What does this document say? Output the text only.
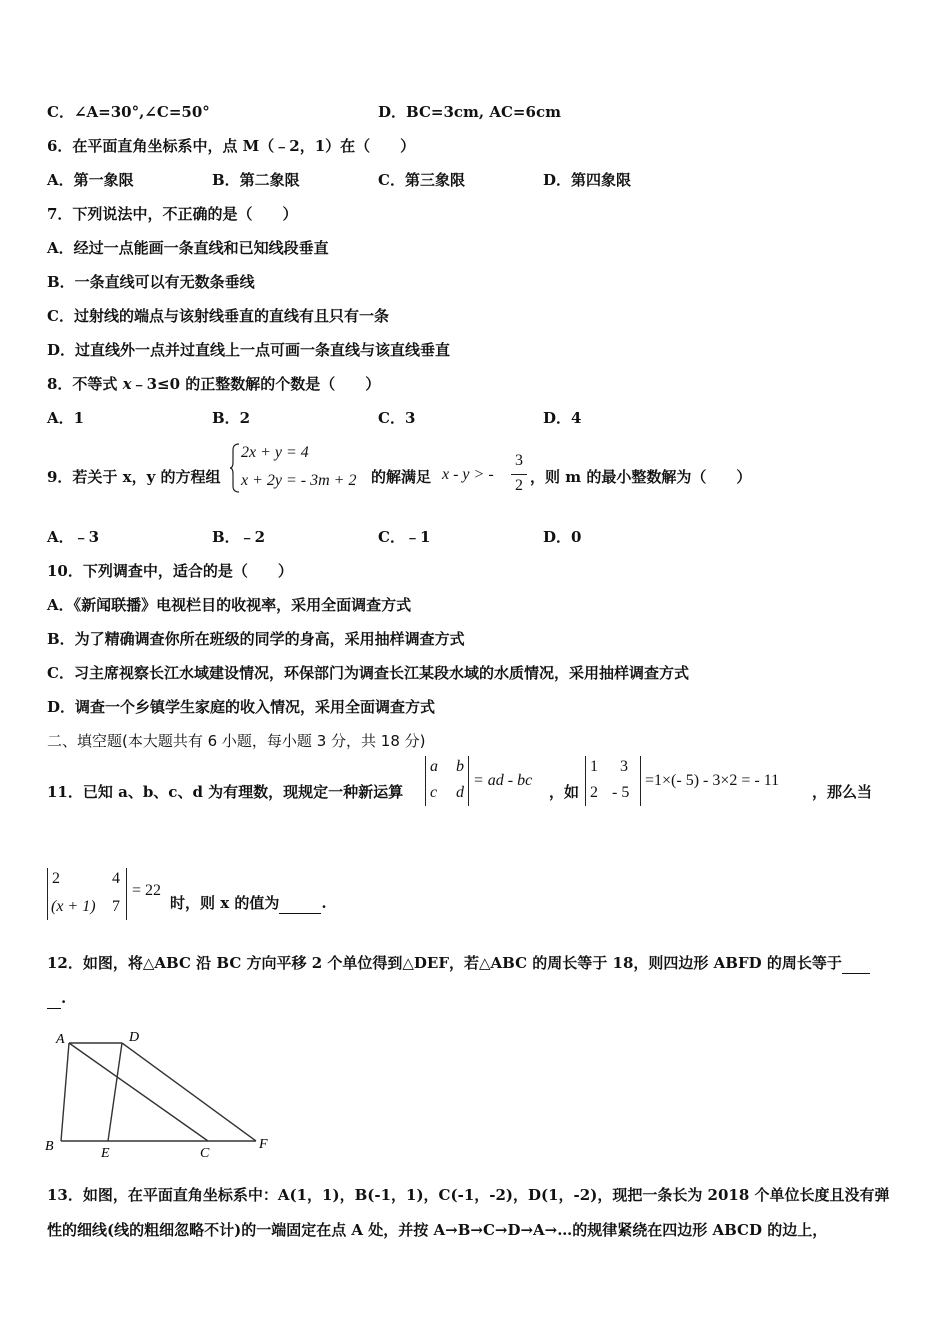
C．∠A=30°,∠C=50°	D．BC=3cm, AC=6cm
6．在平面直角坐标系中，点 M（﹣2，1）在（　　）
A．第一象限	B．第二象限	C．第三象限	D．第四象限
7．下列说法中，不正确的是（　　）
A．经过一点能画一条直线和已知线段垂直
B．一条直线可以有无数条垂线
C．过射线的端点与该射线垂直的直线有且只有一条
D．过直线外一点并过直线上一点可画一条直线与该直线垂直
8．不等式 x﹣3≤0 的正整数解的个数是（　　）
A．1	B．2	C．3	D．4
9．若关于 x，y 的方程组
2x + y = 4
x + 2y = - 3m + 2 的解满足 x - y > -
3
2 ，则 m 的最小整数解为（　　）
A．﹣3	B．﹣2	C．﹣1	D．0
10．下列调查中，适合的是（　　）
A．《新闻联播》电视栏目的收视率，采用全面调查方式
B．为了精确调查你所在班级的同学的身高，采用抽样调查方式
C．习主席视察长江水域建设情况，环保部门为调查长江某段水域的水质情况，采用抽样调查方式
D．调查一个乡镇学生家庭的收入情况，采用全面调查方式
二、填空题(本大题共有 6 小题，每小题 3 分，共 18 分)
11．已知 a、b、c、d 为有理数，现规定一种新运算
a b
c d
= ad - bc
，如
1 3
2 - 5
=1×(- 5) - 3×2 = - 11
，那么当
2	4
(x + 1) 7
= 22
时，则 x 的值为	.
12．如图，将△ABC 沿 BC 方向平移 2 个单位得到△DEF，若△ABC 的周长等于 18，则四边形 ABFD 的周长等于
.
A	D
B	E	C
F
13．如图，在平面直角坐标系中：A(1，1)，B(-1，1)，C(-1，-2)，D(1，-2)，现把一条长为 2018 个单位长度且没有弹
性的细线(线的粗细忽略不计)的一端固定在点 A 处，并按 A→B→C→D→A→…的规律紧绕在四边形 ABCD 的边上，
